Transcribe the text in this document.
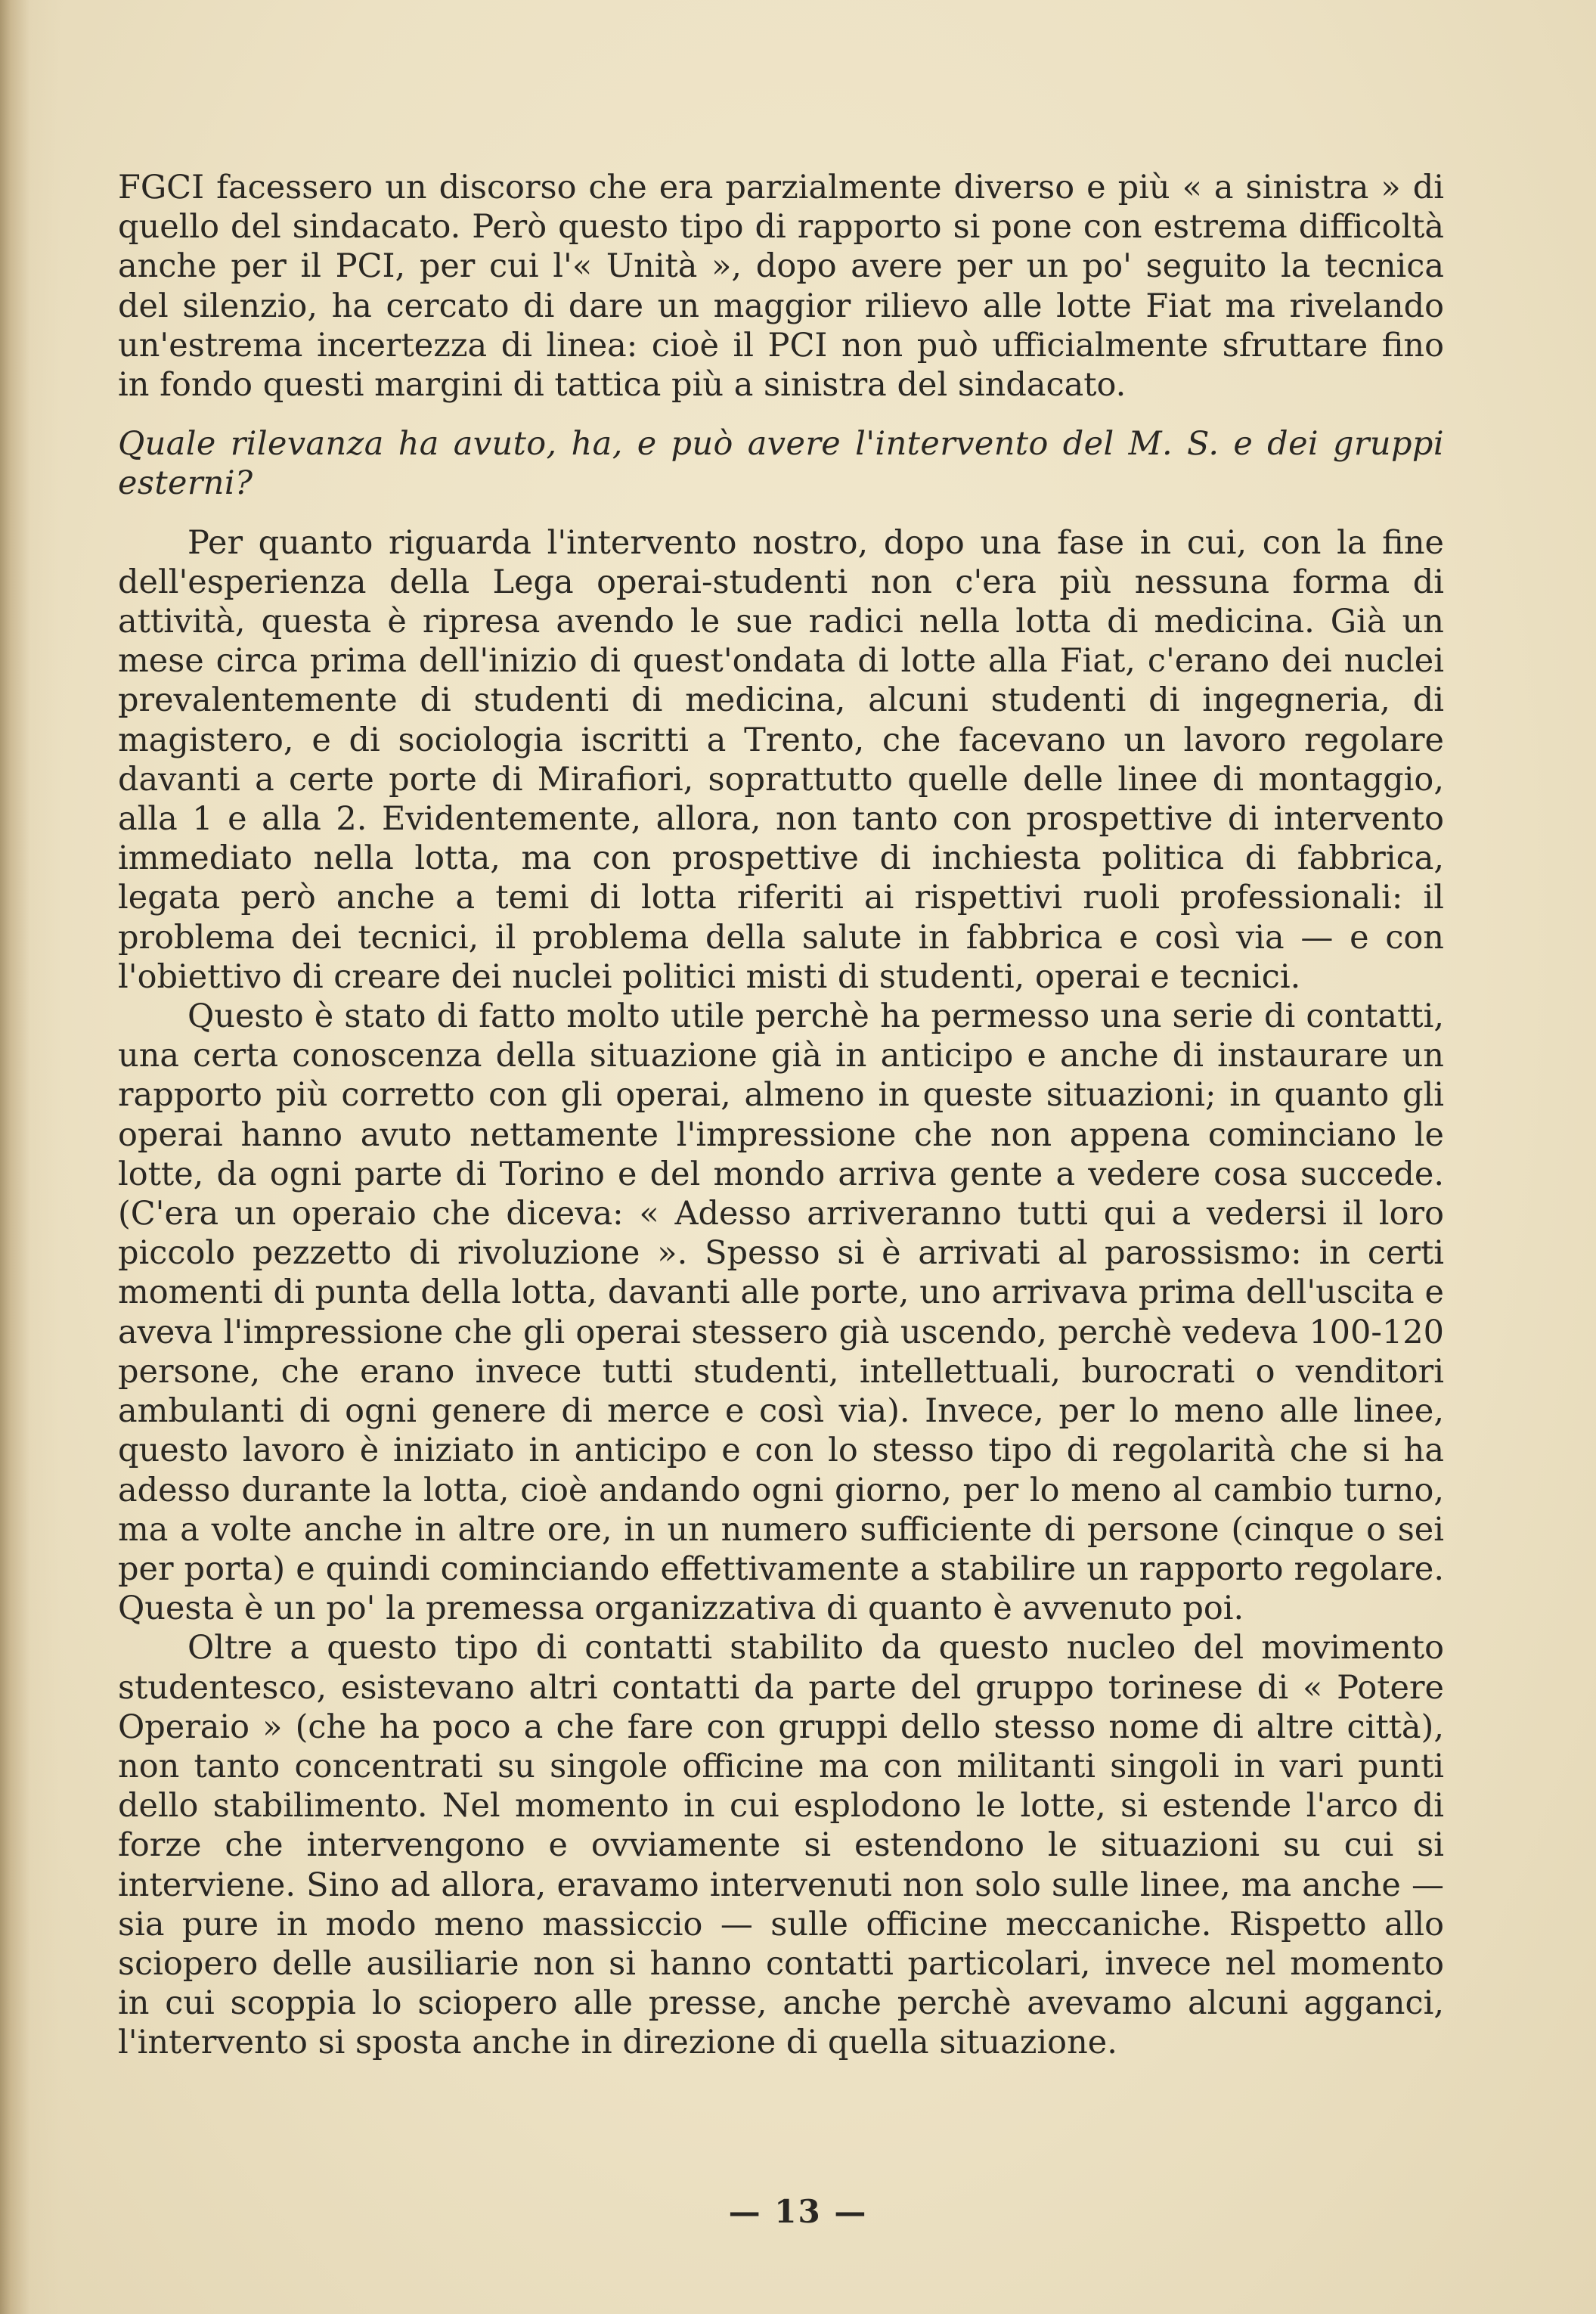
FGCI facessero un discorso che era parzialmente diverso e più « a sinistra » di quello del sindacato. Però questo tipo di rapporto si pone con estrema difficoltà anche per il PCI, per cui l'« Unità », dopo avere per un po' seguito la tecnica del silenzio, ha cercato di dare un maggior rilievo alle lotte Fiat ma rivelando un'estrema incertezza di linea: cioè il PCI non può ufficialmente sfruttare fino in fondo questi margini di tattica più a sinistra del sindacato.

Quale rilevanza ha avuto, ha, e può avere l'intervento del M. S. e dei gruppi esterni?

Per quanto riguarda l'intervento nostro, dopo una fase in cui, con la fine dell'esperienza della Lega operai-studenti non c'era più nessuna forma di attività, questa è ripresa avendo le sue radici nella lotta di medicina. Già un mese circa prima dell'inizio di quest'ondata di lotte alla Fiat, c'erano dei nuclei prevalentemente di studenti di medicina, alcuni studenti di ingegneria, di magistero, e di sociologia iscritti a Trento, che facevano un lavoro regolare davanti a certe porte di Mirafiori, soprattutto quelle delle linee di montaggio, alla 1 e alla 2. Evidentemente, allora, non tanto con prospettive di intervento immediato nella lotta, ma con prospettive di inchiesta politica di fabbrica, legata però anche a temi di lotta riferiti ai rispettivi ruoli professionali: il problema dei tecnici, il problema della salute in fabbrica e così via — e con l'obiettivo di creare dei nuclei politici misti di studenti, operai e tecnici.

Questo è stato di fatto molto utile perchè ha permesso una serie di contatti, una certa conoscenza della situazione già in anticipo e anche di instaurare un rapporto più corretto con gli operai, almeno in queste situazioni; in quanto gli operai hanno avuto nettamente l'impressione che non appena cominciano le lotte, da ogni parte di Torino e del mondo arriva gente a vedere cosa succede. (C'era un operaio che diceva: « Adesso arriveranno tutti qui a vedersi il loro piccolo pezzetto di rivoluzione ». Spesso si è arrivati al parossismo: in certi momenti di punta della lotta, davanti alle porte, uno arrivava prima dell'uscita e aveva l'impressione che gli operai stessero già uscendo, perchè vedeva 100-120 persone, che erano invece tutti studenti, intellettuali, burocrati o venditori ambulanti di ogni genere di merce e così via). Invece, per lo meno alle linee, questo lavoro è iniziato in anticipo e con lo stesso tipo di regolarità che si ha adesso durante la lotta, cioè andando ogni giorno, per lo meno al cambio turno, ma a volte anche in altre ore, in un numero sufficiente di persone (cinque o sei per porta) e quindi cominciando effettivamente a stabilire un rapporto regolare. Questa è un po' la premessa organizzativa di quanto è avvenuto poi.

Oltre a questo tipo di contatti stabilito da questo nucleo del movimento studentesco, esistevano altri contatti da parte del gruppo torinese di « Potere Operaio » (che ha poco a che fare con gruppi dello stesso nome di altre città), non tanto concentrati su singole officine ma con militanti singoli in vari punti dello stabilimento. Nel momento in cui esplodono le lotte, si estende l'arco di forze che intervengono e ovviamente si estendono le situazioni su cui si interviene. Sino ad allora, eravamo intervenuti non solo sulle linee, ma anche — sia pure in modo meno massiccio — sulle officine meccaniche. Rispetto allo sciopero delle ausiliarie non si hanno contatti particolari, invece nel momento in cui scoppia lo sciopero alle presse, anche perchè avevamo alcuni agganci, l'intervento si sposta anche in direzione di quella situazione.

— 13 —
